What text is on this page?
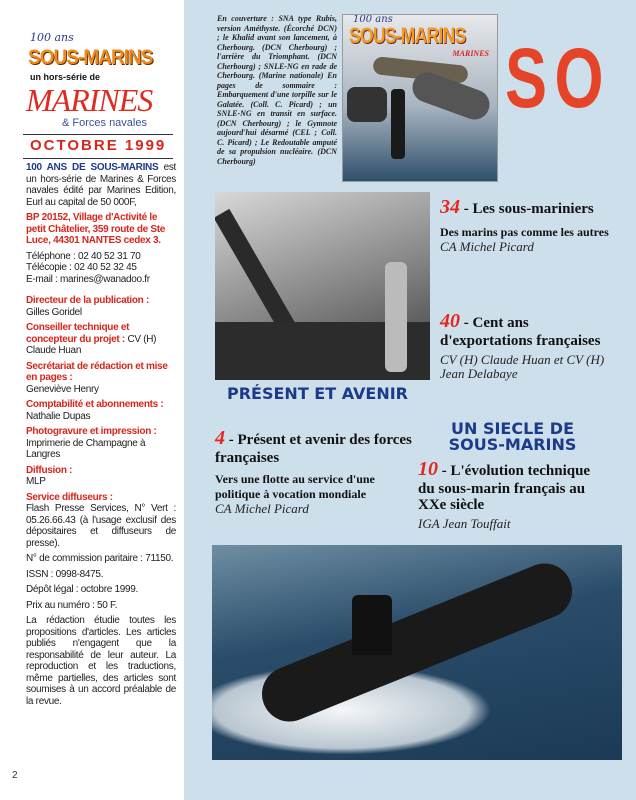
100 ans
SOUS-MARINS
un hors-série de
MARINES
& Forces navales
OCTOBRE 1999
100 ANS DE SOUS-MARINS est un hors-série de Marines & Forces navales édité par Marines Edition, Eurl au capital de 50 000F,
BP 20152, Village d'Activité le petit Châtelier, 359 route de Ste Luce, 44301 NANTES cedex 3.
Téléphone : 02 40 52 31 70
Télécopie : 02 40 52 32 45
E-mail : marines@wanadoo.fr
Directeur de la publication :
Gilles Goridel
Conseiller technique et concepteur du projet : CV (H) Claude Huan
Secrétariat de rédaction et mise en pages :
Geneviève Henry
Comptabilité et abonnements :
Nathalie Dupas
Photogravure et impression :
Imprimerie de Champagne à Langres
Diffusion :
MLP
Service diffuseurs :
Flash Presse Services, N° Vert : 05.26.66.43 (à l'usage exclusif des dépositaires et diffuseurs de presse).
N° de commission paritaire : 71150.
ISSN : 0998-8475.
Dépôt légal : octobre 1999.
Prix au numéro : 50 F.
La rédaction étudie toutes les propositions d'articles. Les articles publiés n'engagent que la responsabilité de leur auteur. La reproduction et les traductions, même partielles, des articles sont soumises à un accord préalable de la revue.
2
En couverture : SNA type Rubis, version Améthyste. (Écorché DCN) ; le Khalid avant son lancement, à Cherbourg. (DCN Cherbourg) ; l'arrière du Triomphant. (DCN Cherbourg) ; SNLE-NG en rade de Cherbourg. (Marine nationale) En pages de sommaire : Embarquement d'une torpille sur le Galatée. (Coll. C. Picard) ; un SNLE-NG en transit en surface. (DCN Cherbourg) ; le Gymnote aujourd'hui désarmé (CEL ; Coll. C. Picard) ; Le Redoutable amputé de sa propulsion nucléaire. (DCN Cherbourg)
100 ans
SOUS-MARINS
MARINES SO
34 - Les sous-mariniers
Des marins pas comme les autres
CA Michel Picard
40 - Cent ans d'exportations françaises
CV (H) Claude Huan et CV (H) Jean Delabaye
PRÉSENT ET AVENIR
4 - Présent et avenir des forces françaises
Vers une flotte au service d'une politique à vocation mondiale
CA Michel Picard
UN SIECLE DE SOUS-MARINS
10 - L'évolution technique du sous-marin français au XXe siècle
IGA Jean Touffait
